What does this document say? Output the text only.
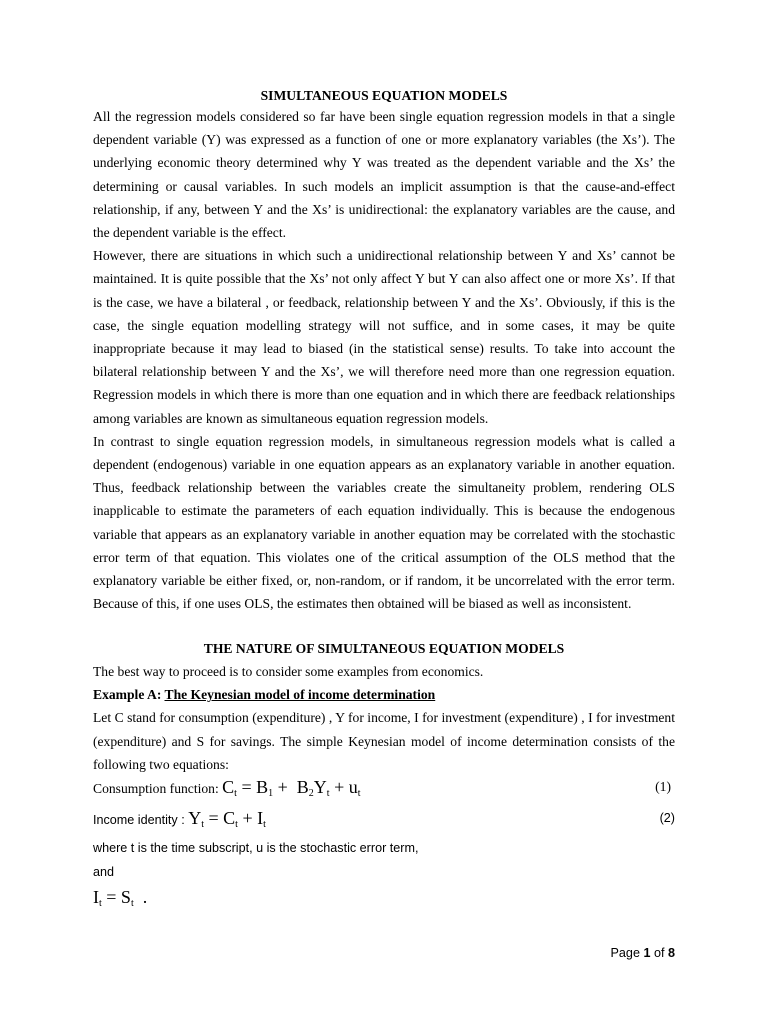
SIMULTANEOUS EQUATION MODELS

All the regression models considered so far have been single equation regression models in that a single dependent variable (Y) was expressed as a function of one or more explanatory variables (the Xs’). The underlying economic theory determined why Y was treated as the dependent variable and the Xs’ the determining or causal variables. In such models an implicit assumption is that the cause-and-effect relationship, if any, between Y and the Xs’ is unidirectional: the explanatory variables are the cause, and the dependent variable is the effect.

However, there are situations in which such a unidirectional relationship between Y and Xs’ cannot be maintained. It is quite possible that the Xs’ not only affect Y but Y can also affect one or more Xs’. If that is the case, we have a bilateral , or feedback, relationship between Y and the Xs’. Obviously, if this is the case, the single equation modelling strategy will not suffice, and in some cases, it may be quite inappropriate because it may lead to biased (in the statistical sense) results. To take into account the bilateral relationship between Y and the Xs’, we will therefore need more than one regression equation. Regression models in which there is more than one equation and in which there are feedback relationships among variables are known as simultaneous equation regression models.

In contrast to single equation regression models, in simultaneous regression models what is called a dependent (endogenous) variable in one equation appears as an explanatory variable in another equation. Thus, feedback relationship between the variables create the simultaneity problem, rendering OLS inapplicable to estimate the parameters of each equation individually. This is because the endogenous variable that appears as an explanatory variable in another equation may be correlated with the stochastic error term of that equation. This violates one of the critical assumption of the OLS method that the explanatory variable be either fixed, or, non-random, or if random, it be uncorrelated with the error term. Because of this, if one uses OLS, the estimates then obtained will be biased as well as inconsistent.

THE NATURE OF SIMULTANEOUS EQUATION MODELS

The best way to proceed is to consider some examples from economics.

Example A: The Keynesian model of income determination

Let C stand for consumption (expenditure) , Y for income, I for investment (expenditure) , I for investment (expenditure) and S for savings. The simple Keynesian model of income determination consists of the following two equations:

Consumption function: $C_t = B_1 + B_2Y_t + u_t$	(1)
Income identity : $Y_t = C_t + I_t$	(2)
where t is the time subscript, u is the stochastic error term,
and
$I_t = S_t$  .
Page 1 of 8
